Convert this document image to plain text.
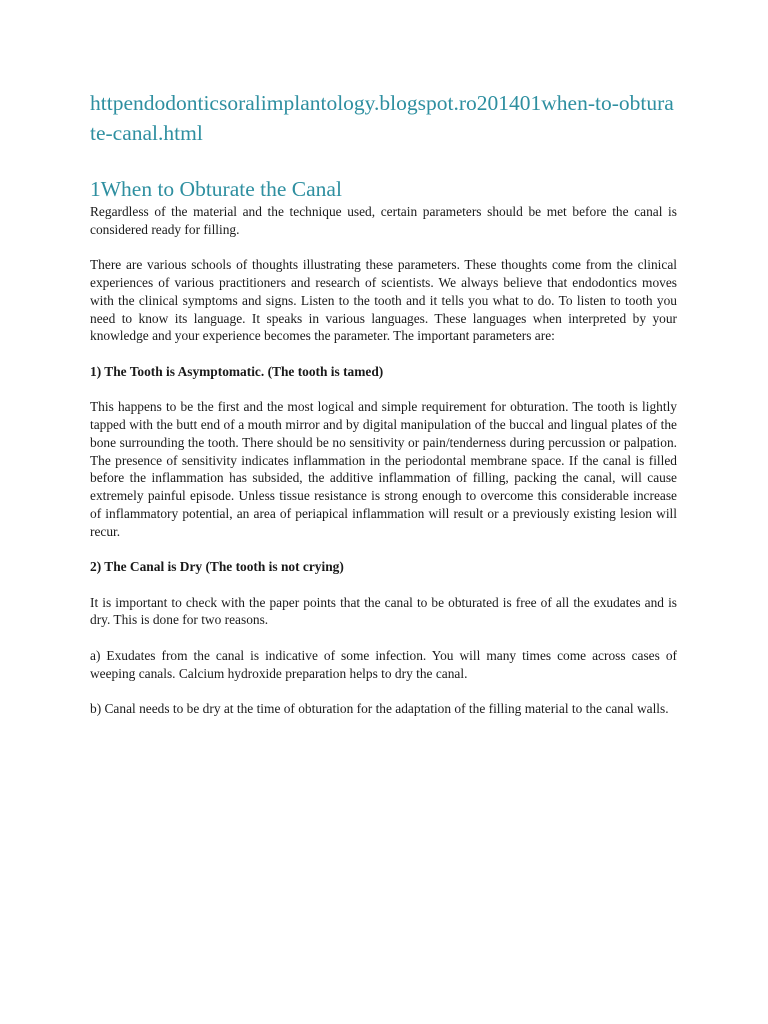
httpendodonticsoralimplantology.blogspot.ro201401when-to-obturate-canal.html
1When to Obturate the Canal

Regardless of the material and the technique used, certain parameters should be met before the canal is considered ready for filling.

There are various schools of thoughts illustrating these parameters. These thoughts come from the clinical experiences of various practitioners and research of scientists. We always believe that endodontics moves with the clinical symptoms and signs. Listen to the tooth and it tells you what to do. To listen to tooth you need to know its language. It speaks in various languages. These languages when interpreted by your knowledge and your experience becomes the parameter. The important parameters are:

1) The Tooth is Asymptomatic. (The tooth is tamed)

This happens to be the first and the most logical and simple requirement for obturation. The tooth is lightly tapped with the butt end of a mouth mirror and by digital manipulation of the buccal and lingual plates of the bone surrounding the tooth. There should be no sensitivity or pain/tenderness during percussion or palpation. The presence of sensitivity indicates inflammation in the periodontal membrane space. If the canal is filled before the inflammation has subsided, the additive inflammation of filling, packing the canal, will cause extremely painful episode. Unless tissue resistance is strong enough to overcome this considerable increase of inflammatory potential, an area of periapical inflammation will result or a previously existing lesion will recur.

2) The Canal is Dry (The tooth is not crying)

It is important to check with the paper points that the canal to be obturated is free of all the exudates and is dry. This is done for two reasons.

a) Exudates from the canal is indicative of some infection. You will many times come across cases of weeping canals. Calcium hydroxide preparation helps to dry the canal.

b) Canal needs to be dry at the time of obturation for the adaptation of the filling material to the canal walls.
